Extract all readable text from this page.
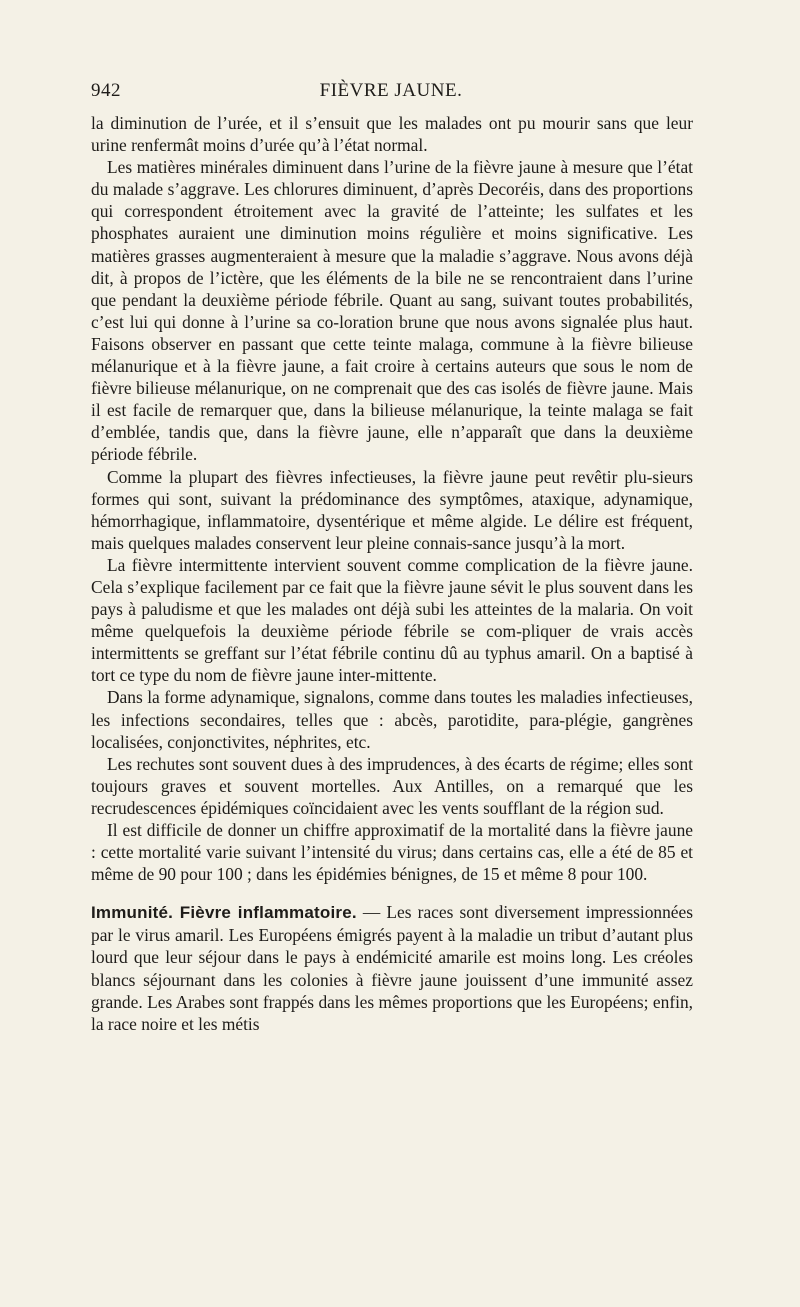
942	FIÈVRE JAUNE.

la diminution de l’urée, et il s’ensuit que les malades ont pu mourir sans que leur urine renfermât moins d’urée qu’à l’état normal.

Les matières minérales diminuent dans l’urine de la fièvre jaune à mesure que l’état du malade s’aggrave. Les chlorures diminuent, d’après Decoréis, dans des proportions qui correspondent étroitement avec la gravité de l’atteinte; les sulfates et les phosphates auraient une diminution moins régulière et moins significative. Les matières grasses augmenteraient à mesure que la maladie s’aggrave. Nous avons déjà dit, à propos de l’ictère, que les éléments de la bile ne se rencontraient dans l’urine que pendant la deuxième période fébrile. Quant au sang, suivant toutes probabilités, c’est lui qui donne à l’urine sa co-loration brune que nous avons signalée plus haut. Faisons observer en passant que cette teinte malaga, commune à la fièvre bilieuse mélanurique et à la fièvre jaune, a fait croire à certains auteurs que sous le nom de fièvre bilieuse mélanurique, on ne comprenait que des cas isolés de fièvre jaune. Mais il est facile de remarquer que, dans la bilieuse mélanurique, la teinte malaga se fait d’emblée, tandis que, dans la fièvre jaune, elle n’apparaît que dans la deuxième période fébrile.

Comme la plupart des fièvres infectieuses, la fièvre jaune peut revêtir plu-sieurs formes qui sont, suivant la prédominance des symptômes, ataxique, adynamique, hémorrhagique, inflammatoire, dysentérique et même algide. Le délire est fréquent, mais quelques malades conservent leur pleine connais-sance jusqu’à la mort.

La fièvre intermittente intervient souvent comme complication de la fièvre jaune. Cela s’explique facilement par ce fait que la fièvre jaune sévit le plus souvent dans les pays à paludisme et que les malades ont déjà subi les atteintes de la malaria. On voit même quelquefois la deuxième période fébrile se com-pliquer de vrais accès intermittents se greffant sur l’état fébrile continu dû au typhus amaril. On a baptisé à tort ce type du nom de fièvre jaune inter-mittente.

Dans la forme adynamique, signalons, comme dans toutes les maladies infectieuses, les infections secondaires, telles que : abcès, parotidite, para-plégie, gangrènes localisées, conjonctivites, néphrites, etc.

Les rechutes sont souvent dues à des imprudences, à des écarts de régime; elles sont toujours graves et souvent mortelles. Aux Antilles, on a remarqué que les recrudescences épidémiques coïncidaient avec les vents soufflant de la région sud.

Il est difficile de donner un chiffre approximatif de la mortalité dans la fièvre jaune : cette mortalité varie suivant l’intensité du virus; dans certains cas, elle a été de 85 et même de 90 pour 100 ; dans les épidémies bénignes, de 15 et même 8 pour 100.

Immunité. Fièvre inflammatoire. — Les races sont diversement impressionnées par le virus amaril. Les Européens émigrés payent à la maladie un tribut d’autant plus lourd que leur séjour dans le pays à endémicité amarile est moins long. Les créoles blancs séjournant dans les colonies à fièvre jaune jouissent d’une immunité assez grande. Les Arabes sont frappés dans les mêmes proportions que les Européens; enfin, la race noire et les métis
